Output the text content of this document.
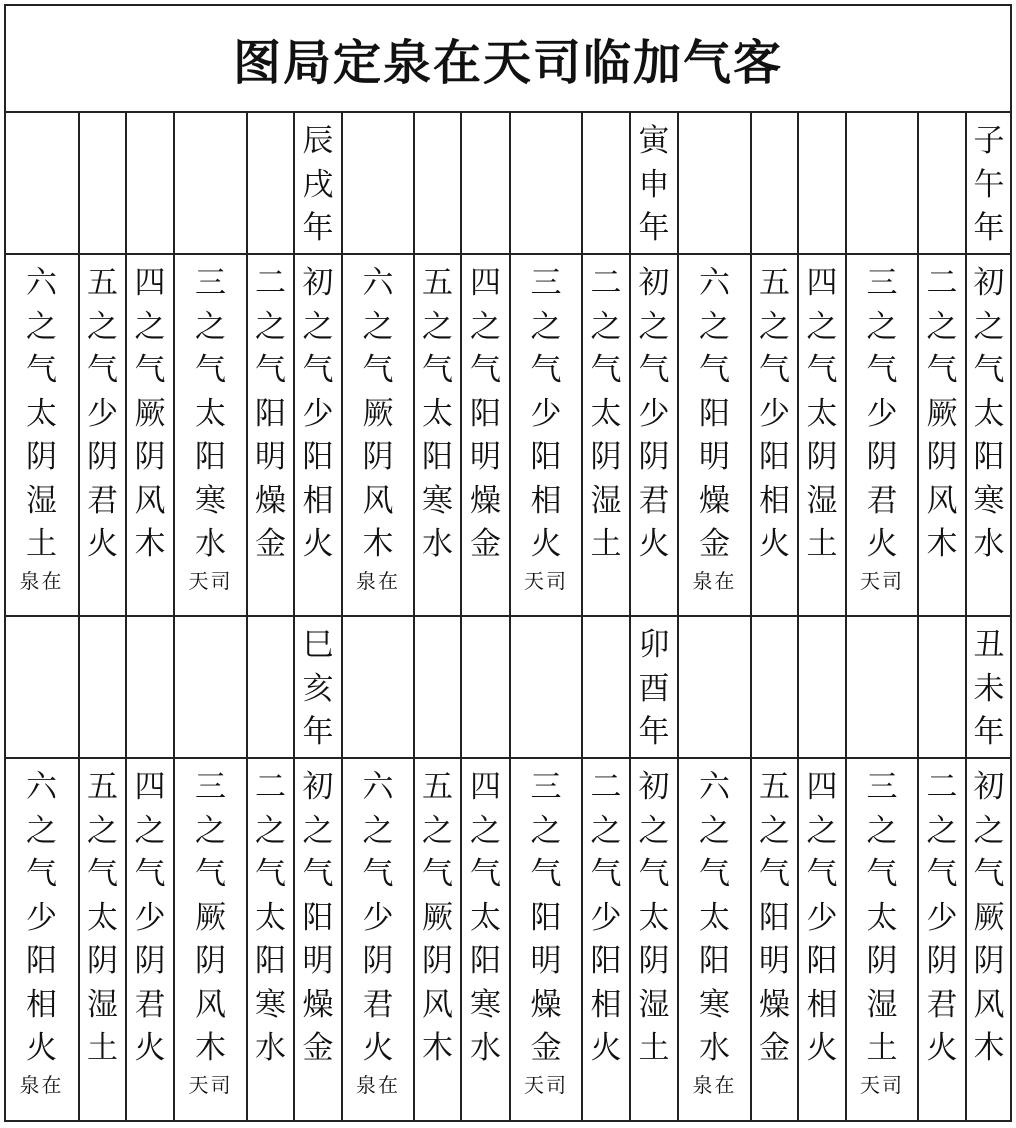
图局定泉在天司临加气客
辰
戌
年
寅
申
年
子
午
年
巳
亥
年
卯
酉
年
丑
未
年
六
之
气
太
阴
湿
土
泉在
五
之
气
少
阴
君
火
四
之
气
厥
阴
风
木
三
之
气
太
阳
寒
水
天司
二
之
气
阳
明
燥
金
初
之
气
少
阳
相
火
六
之
气
厥
阴
风
木
泉在
五
之
气
太
阳
寒
水
四
之
气
阳
明
燥
金
三
之
气
少
阳
相
火
天司
二
之
气
太
阴
湿
土
初
之
气
少
阴
君
火
六
之
气
阳
明
燥
金
泉在
五
之
气
少
阳
相
火
四
之
气
太
阴
湿
土
三
之
气
少
阴
君
火
天司
二
之
气
厥
阴
风
木
初
之
气
太
阳
寒
水
六
之
气
少
阳
相
火
泉在
五
之
气
太
阴
湿
土
四
之
气
少
阴
君
火
三
之
气
厥
阴
风
木
天司
二
之
气
太
阳
寒
水
初
之
气
阳
明
燥
金
六
之
气
少
阴
君
火
泉在
五
之
气
厥
阴
风
木
四
之
气
太
阳
寒
水
三
之
气
阳
明
燥
金
天司
二
之
气
少
阳
相
火
初
之
气
太
阴
湿
土
六
之
气
太
阳
寒
水
泉在
五
之
气
阳
明
燥
金
四
之
气
少
阳
相
火
三
之
气
太
阴
湿
土
天司
二
之
气
少
阴
君
火
初
之
气
厥
阴
风
木
